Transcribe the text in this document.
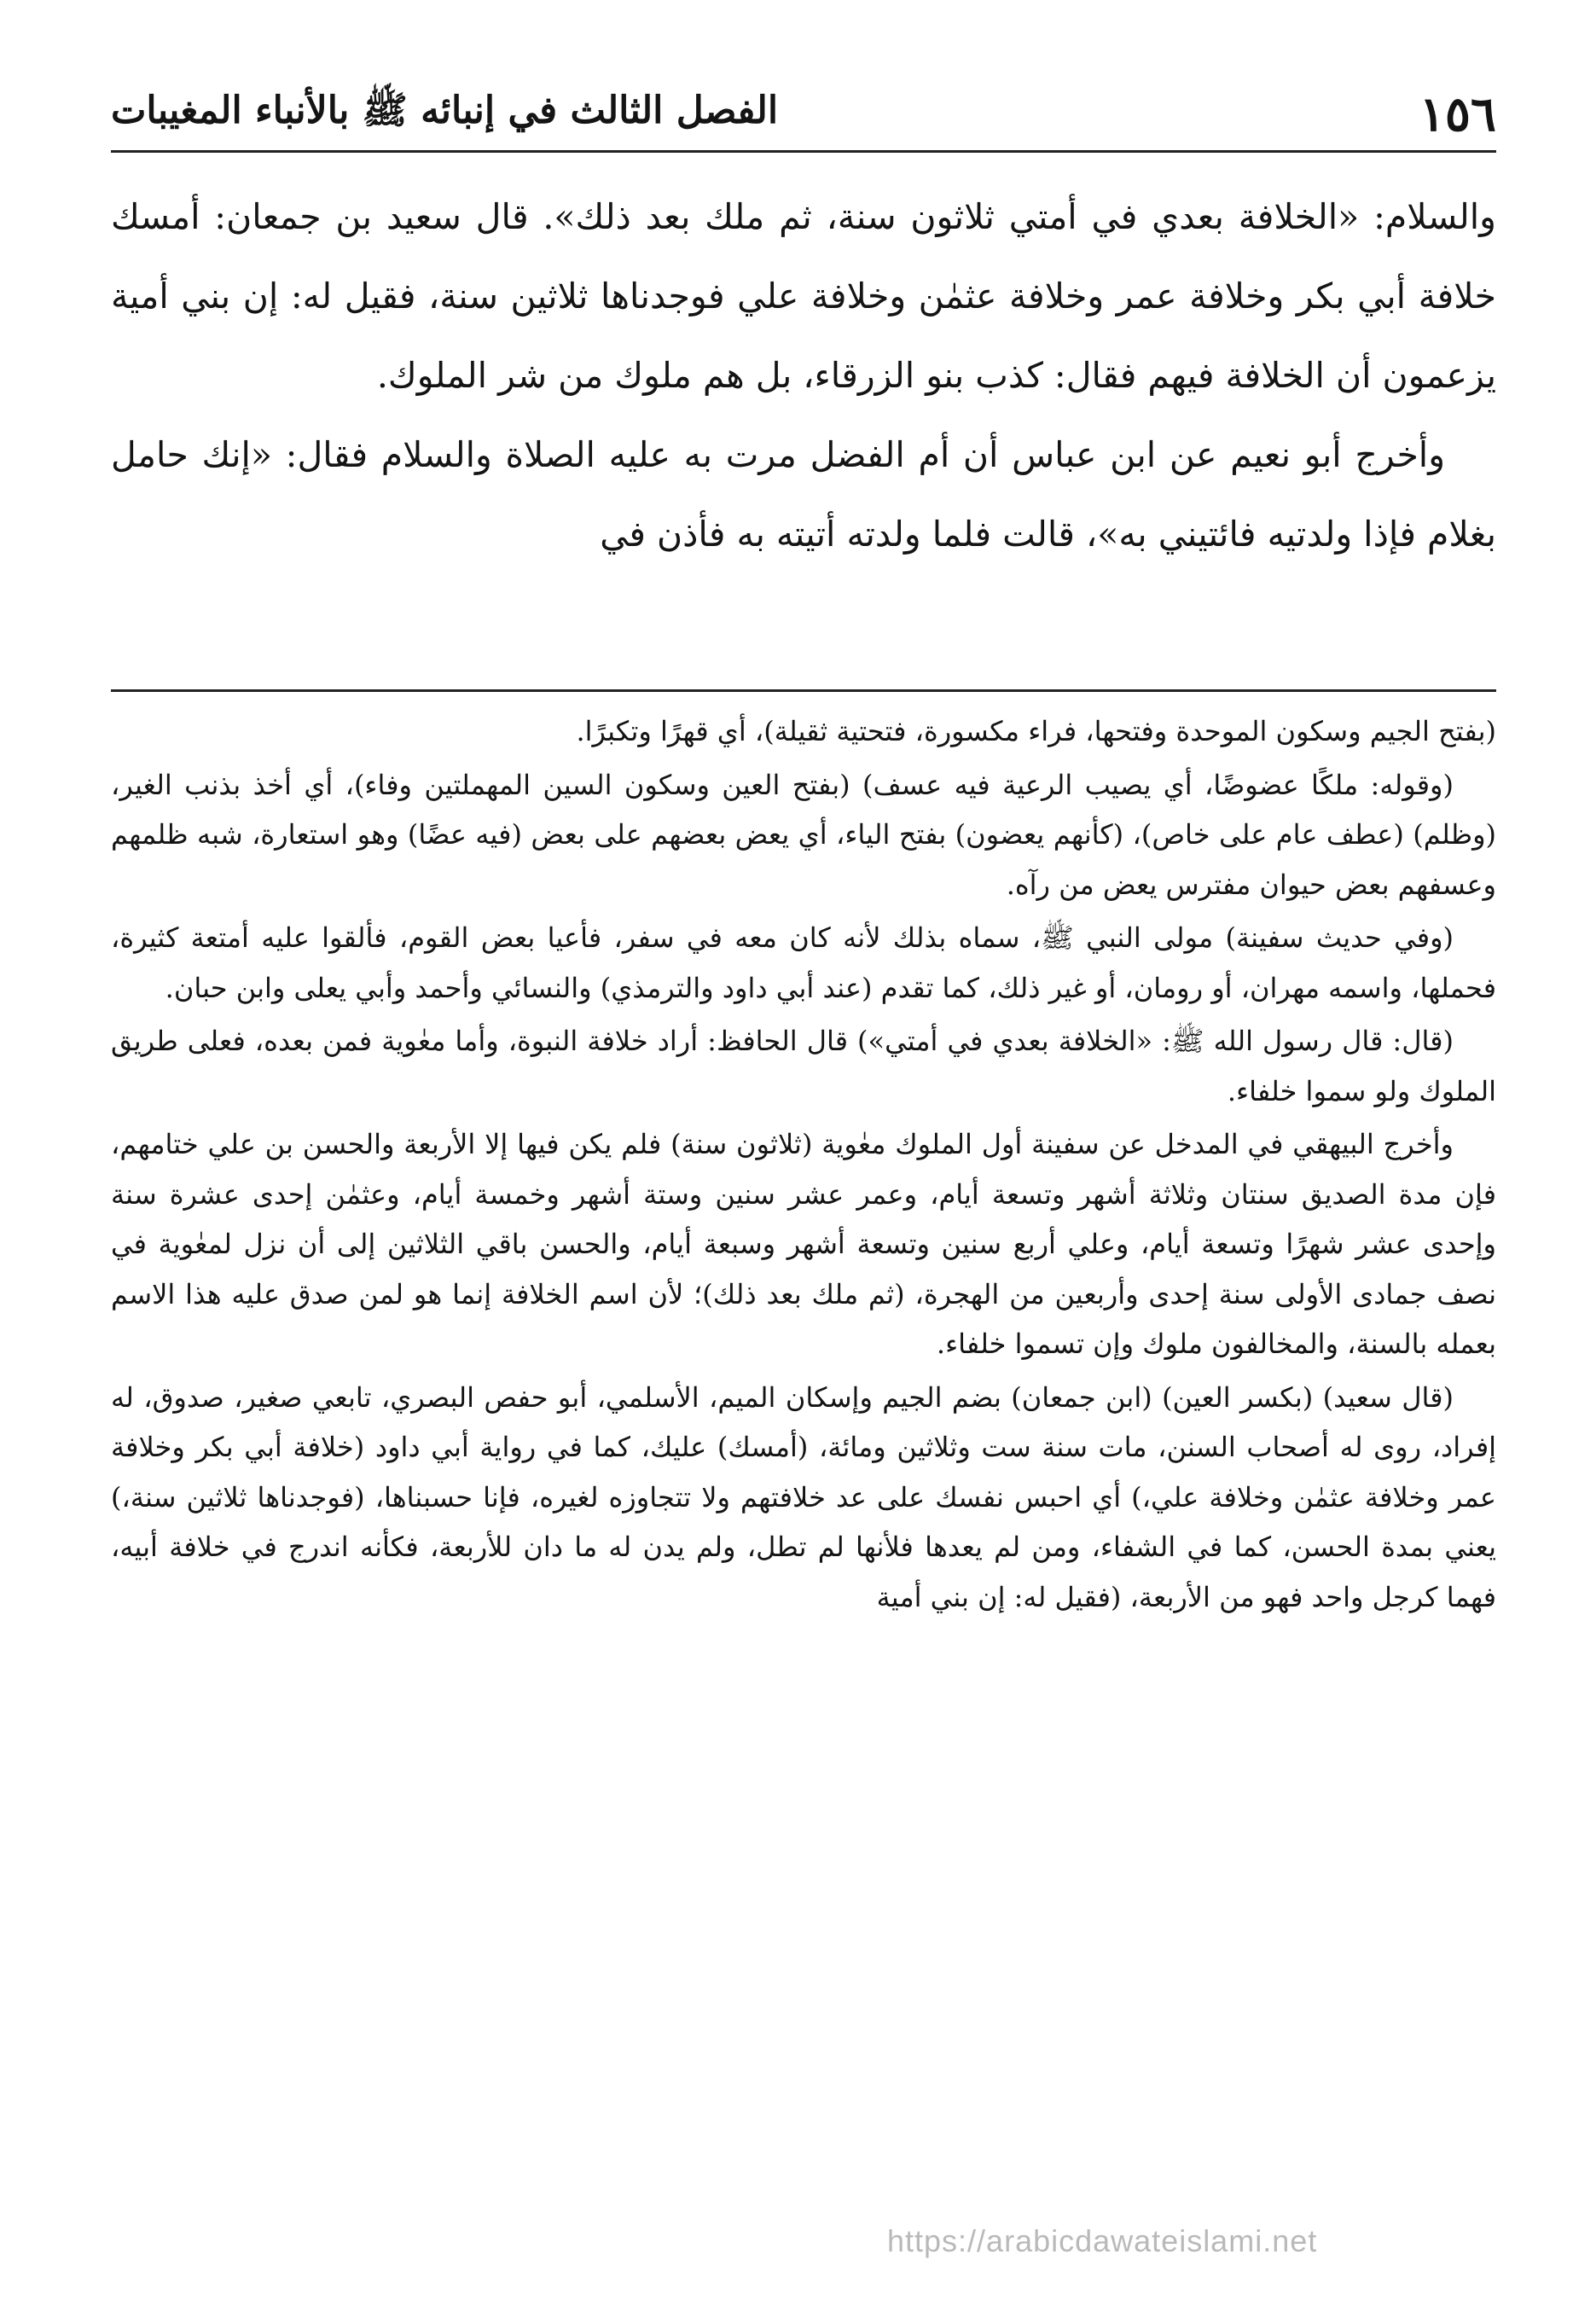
١٥٦
الفصل الثالث في إنبائه ﷺ بالأنباء المغيبات

والسلام: «الخلافة بعدي في أمتي ثلاثون سنة، ثم ملك بعد ذلك». قال سعيد بن جمعان: أمسك خلافة أبي بكر وخلافة عمر وخلافة عثمٰن وخلافة علي فوجدناها ثلاثين سنة، فقيل له: إن بني أمية يزعمون أن الخلافة فيهم فقال: كذب بنو الزرقاء، بل هم ملوك من شر الملوك.

وأخرج أبو نعيم عن ابن عباس أن أم الفضل مرت به عليه الصلاة والسلام فقال: «إنك حامل بغلام فإذا ولدتيه فائتيني به»، قالت فلما ولدته أتيته به فأذن في

(بفتح الجيم وسكون الموحدة وفتحها، فراء مكسورة، فتحتية ثقيلة)، أي قهرًا وتكبرًا.

(وقوله: ملكًا عضوضًا، أي يصيب الرعية فيه عسف) (بفتح العين وسكون السين المهملتين وفاء)، أي أخذ بذنب الغير، (وظلم) (عطف عام على خاص)، (كأنهم يعضون) بفتح الياء، أي يعض بعضهم على بعض (فيه عضًا) وهو استعارة، شبه ظلمهم وعسفهم بعض حيوان مفترس يعض من رآه.

(وفي حديث سفينة) مولى النبي ﷺ، سماه بذلك لأنه كان معه في سفر، فأعيا بعض القوم، فألقوا عليه أمتعة كثيرة، فحملها، واسمه مهران، أو رومان، أو غير ذلك، كما تقدم (عند أبي داود والترمذي) والنسائي وأحمد وأبي يعلى وابن حبان.

(قال: قال رسول الله ﷺ: «الخلافة بعدي في أمتي») قال الحافظ: أراد خلافة النبوة، وأما معٰوية فمن بعده، فعلى طريق الملوك ولو سموا خلفاء.

وأخرج البيهقي في المدخل عن سفينة أول الملوك معٰوية (ثلاثون سنة) فلم يكن فيها إلا الأربعة والحسن بن علي ختامهم، فإن مدة الصديق سنتان وثلاثة أشهر وتسعة أيام، وعمر عشر سنين وستة أشهر وخمسة أيام، وعثمٰن إحدى عشرة سنة وإحدى عشر شهرًا وتسعة أيام، وعلي أربع سنين وتسعة أشهر وسبعة أيام، والحسن باقي الثلاثين إلى أن نزل لمعٰوية في نصف جمادى الأولى سنة إحدى وأربعين من الهجرة، (ثم ملك بعد ذلك)؛ لأن اسم الخلافة إنما هو لمن صدق عليه هذا الاسم بعمله بالسنة، والمخالفون ملوك وإن تسموا خلفاء.

(قال سعيد) (بكسر العين) (ابن جمعان) بضم الجيم وإسكان الميم، الأسلمي، أبو حفص البصري، تابعي صغير، صدوق، له إفراد، روى له أصحاب السنن، مات سنة ست وثلاثين ومائة، (أمسك) عليك، كما في رواية أبي داود (خلافة أبي بكر وخلافة عمر وخلافة عثمٰن وخلافة علي،) أي احبس نفسك على عد خلافتهم ولا تتجاوزه لغيره، فإنا حسبناها، (فوجدناها ثلاثين سنة،) يعني بمدة الحسن، كما في الشفاء، ومن لم يعدها فلأنها لم تطل، ولم يدن له ما دان للأربعة، فكأنه اندرج في خلافة أبيه، فهما كرجل واحد فهو من الأربعة، (فقيل له: إن بني أمية

https://arabicdawateislami.net
